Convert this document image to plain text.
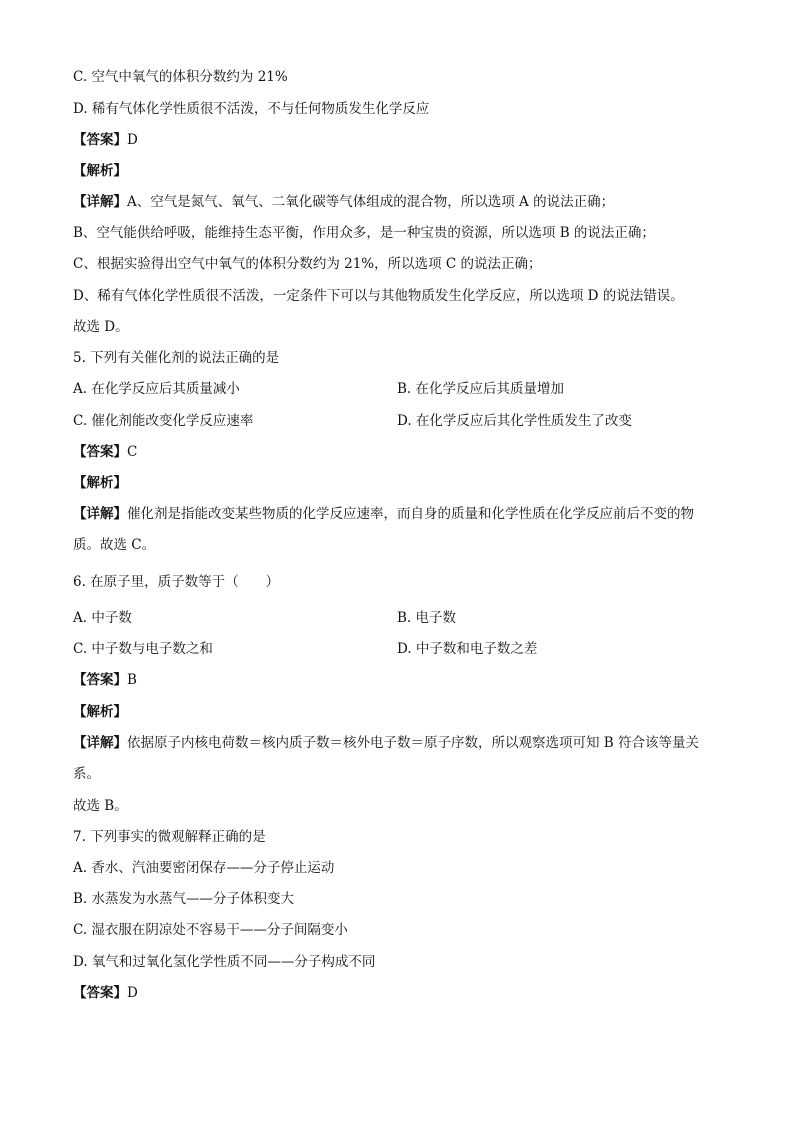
C. 空气中氧气的体积分数约为 21%
D. 稀有气体化学性质很不活泼，不与任何物质发生化学反应
【答案】D
【解析】
【详解】A、空气是氮气、氧气、二氧化碳等气体组成的混合物，所以选项 A 的说法正确；
B、空气能供给呼吸，能维持生态平衡，作用众多，是一种宝贵的资源，所以选项 B 的说法正确；
C、根据实验得出空气中氧气的体积分数约为 21%，所以选项 C 的说法正确；
D、稀有气体化学性质很不活泼，一定条件下可以与其他物质发生化学反应，所以选项 D 的说法错误。
故选 D。
5. 下列有关催化剂的说法正确的是
A. 在化学反应后其质量减小	B. 在化学反应后其质量增加
C. 催化剂能改变化学反应速率	D. 在化学反应后其化学性质发生了改变
【答案】C
【解析】
【详解】催化剂是指能改变某些物质的化学反应速率，而自身的质量和化学性质在化学反应前后不变的物
质。故选 C。
6. 在原子里，质子数等于（　　）
A. 中子数	B. 电子数
C. 中子数与电子数之和	D. 中子数和电子数之差
【答案】B
【解析】
【详解】依据原子内核电荷数＝核内质子数＝核外电子数＝原子序数，所以观察选项可知 B 符合该等量关
系。
故选 B。
7. 下列事实的微观解释正确的是
A. 香水、汽油要密闭保存——分子停止运动
B. 水蒸发为水蒸气——分子体积变大
C. 湿衣服在阴凉处不容易干——分子间隔变小
D. 氧气和过氧化氢化学性质不同——分子构成不同
【答案】D
